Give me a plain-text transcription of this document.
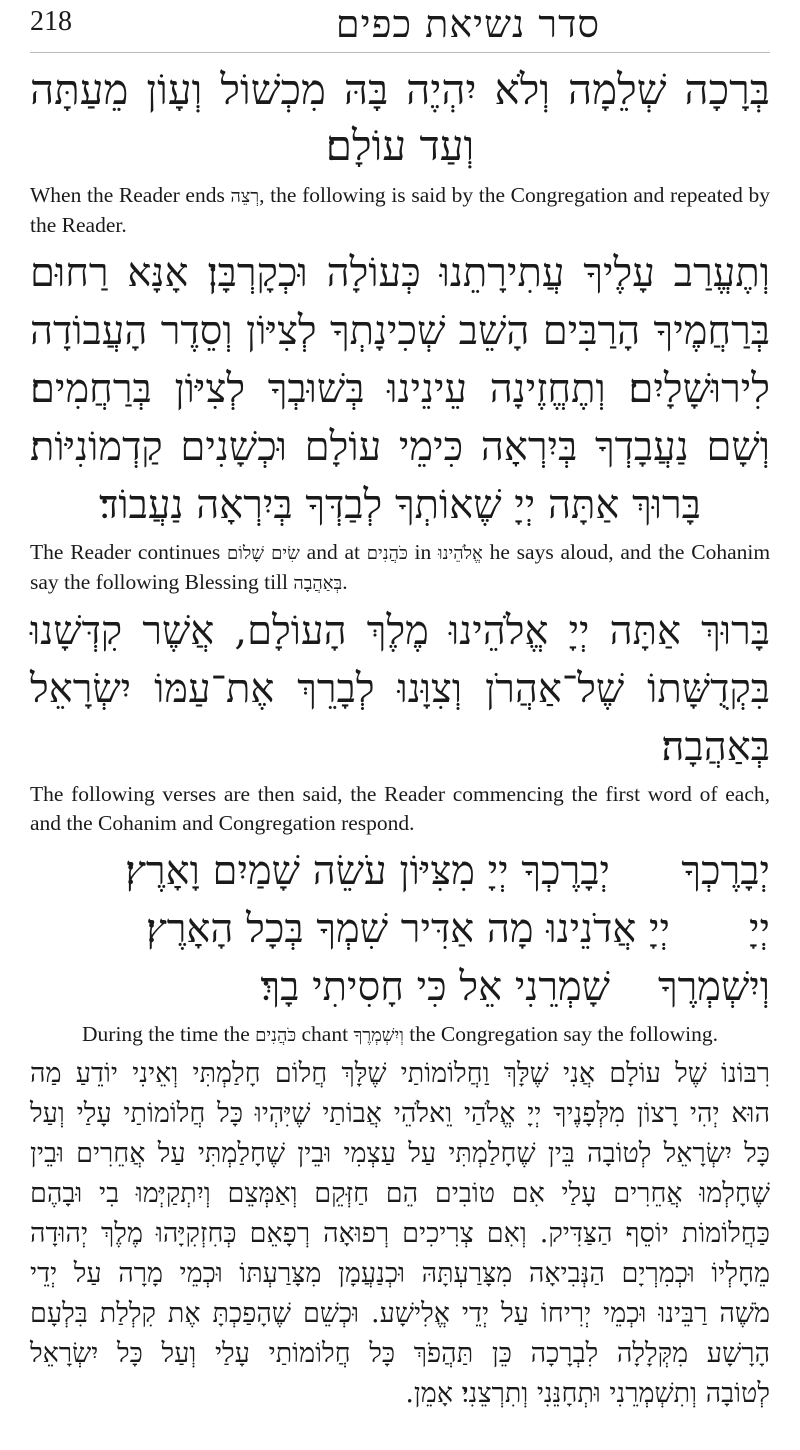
218	סדר נשיאת כפים

בְּרָכָה שְׁלֵמָה וְלֹא יִהְיֶה בָּהּ מִכְשׁוֹל וְעָוֹן מֵעַתָּה

וְעַד עוֹלָם׃

When the Reader ends רְצֵה, the following is said by the Congregation and repeated by the Reader.

וְתֶעֱרַב עָלֶיךָ עֲתִירָתֵנוּ כְּעוֹלָה וּכְקָרְבָּן׃ אָנָּא רַחוּם

בְּרַחֲמֶיךָ הָרַבִּים הָשֵׁב שְׁכִינָתְךָ לְצִיּוֹן וְסֵדֶר הָעֲבוֹדָה

לִירוּשָׁלָיִם׃ וְתֶחֱזֶינָה עֵינֵינוּ בְּשׁוּבְךָ לְצִיּוֹן בְּרַחֲמִים׃

וְשָׁם נַעֲבָדְךָ בְּיִרְאָה כִּימֵי עוֹלָם וּכְשָׁנִים קַדְמוֹנִיּוֹת׃

בָּרוּךְ אַתָּה יְיָ שֶׁאוֹתְךָ לְבַדְּךָ בְּיִרְאָה נַעֲבוֹד׃

The Reader continues שִׂים שָׁלוֹם and at כֹּהֲנִים in אֱלֹהֵינוּ he says aloud, and the Cohanim say the following Blessing till בְּאַהֲבָה.

בָּרוּךְ אַתָּה יְיָ אֱלֹהֵינוּ מֶלֶךְ הָעוֹלָם, אֲשֶׁר קִדְּשָׁנוּ

בִּקְדֻשָּׁתוֹ שֶׁל־אַהֲרֹן וְצִוָּנוּ לְבָרֵךְ אֶת־עַמּוֹ יִשְׂרָאֵל בְּאַהֲבָה׃

The following verses are then said, the Reader commencing the first word of each, and the Cohanim and Congregation respond.

יְבָרֶכְךָ
יְבָרֶכְךָ יְיָ מִצִּיּוֹן עֹשֵׂה שָׁמַיִם וָאָרֶץ׃
יְיָ
יְיָ אֲדֹנֵינוּ מָה אַדִּיר שִׁמְךָ בְּכָל הָאָרֶץ׃
וְיִשְׁמְרֶךָ
שָׁמְרֵנִי אֵל כִּי חָסִיתִי בָךְ׃

During the time the כֹּהֲנִים chant וְיִשְׁמְרֶךָ the Congregation say the following.

רִבּוֹנוֹ שֶׁל עוֹלָם אֲנִי שֶׁלָּךְ וַחֲלוֹמוֹתַי שֶׁלָּךְ חֲלוֹם חָלַמְתִּי וְאֵינִי יוֹדֵעַ מַה

הוּא יְהִי רָצוֹן מִלְּפָנֶיךָ יְיָ אֱלֹהַי וֵאלֹהֵי אֲבוֹתַי שֶׁיִּהְיוּ כָּל חֲלוֹמוֹתַי עָלַי וְעַל

כָּל יִשְׂרָאֵל לְטוֹבָה בֵּין שֶׁחָלַמְתִּי עַל עַצְמִי וּבֵין שֶׁחָלַמְתִּי עַל אֲחֵרִים וּבֵין

שֶׁחָלְמוּ אֲחֵרִים עָלַי אִם טוֹבִים הֵם חַזְּקֵם וְאַמְּצֵם וְיִתְקַיְּמוּ בִי וּבָהֶם

כַּחֲלוֹמוֹת יוֹסֵף הַצַּדִּיק. וְאִם צְרִיכִים רְפוּאָה רְפָאֵם כְּחִזְקִיָּהוּ מֶלֶךְ יְהוּדָה

מֵחָלְיוֹ וּכְמִרְיָם הַנְּבִיאָה מִצָּרַעְתָּהּ וּכְנַעֲמָן מִצָּרַעְתּוֹ וּכְמֵי מָרָה עַל יְדֵי

מֹשֶׁה רַבֵּינוּ וּכְמֵי יְרִיחוֹ עַל יְדֵי אֱלִישָׁע. וּכְשֵׁם שֶׁהָפַכְתָּ אֶת קִלְלַת בִּלְעָם

הָרָשָׁע מִקְּלָלָה לִבְרָכָה כֵּן תַּהֲפֹךְ כָּל חֲלוֹמוֹתַי עָלַי וְעַל כָּל יִשְׂרָאֵל

לְטוֹבָה וְתִשְׁמְרֵנִי וּתְחָנֵּנִי וְתִרְצֵנִי׃ אָמֵן.
